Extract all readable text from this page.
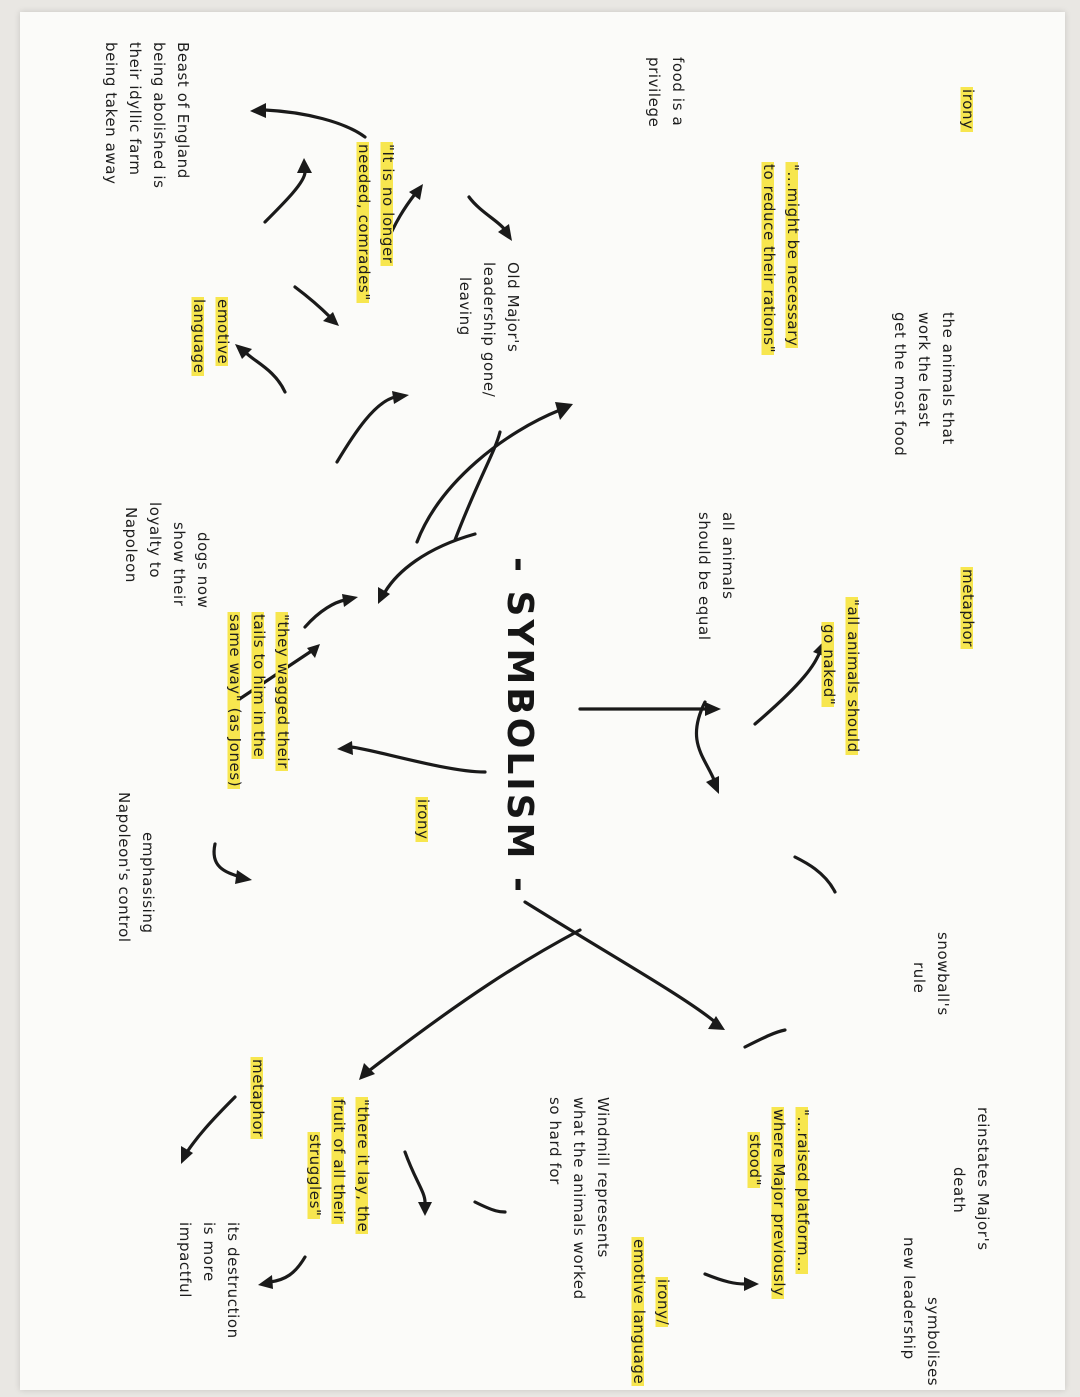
- SYMBOLISM -	metaphor
"all animals should
go naked"
snowball's
rule
all animals
should be equal
the animals that
work the least
get the most food
irony
"...might be necessary
to reduce their rations"
food is a
privilege
Old Major's
leadership gone/
leaving
"It is no longer
needed, comrades"
emotive
language
Beast of England
being abolished is
their idyllic farm
being taken away
"they wagged their
tails to him in the
same way" (as Jones)
irony
dogs now
show their
loyalty to
Napoleon
emphasising
Napoleon's control
reinstates Major's
death
"...raised platform...
where Major previously
stood"
symbolises
new leadership
irony/
emotive language
Windmill represents
what the animals worked
so hard for
"there it lay, the
fruit of all their
struggles"
metaphor
its destruction
is more
impactful
